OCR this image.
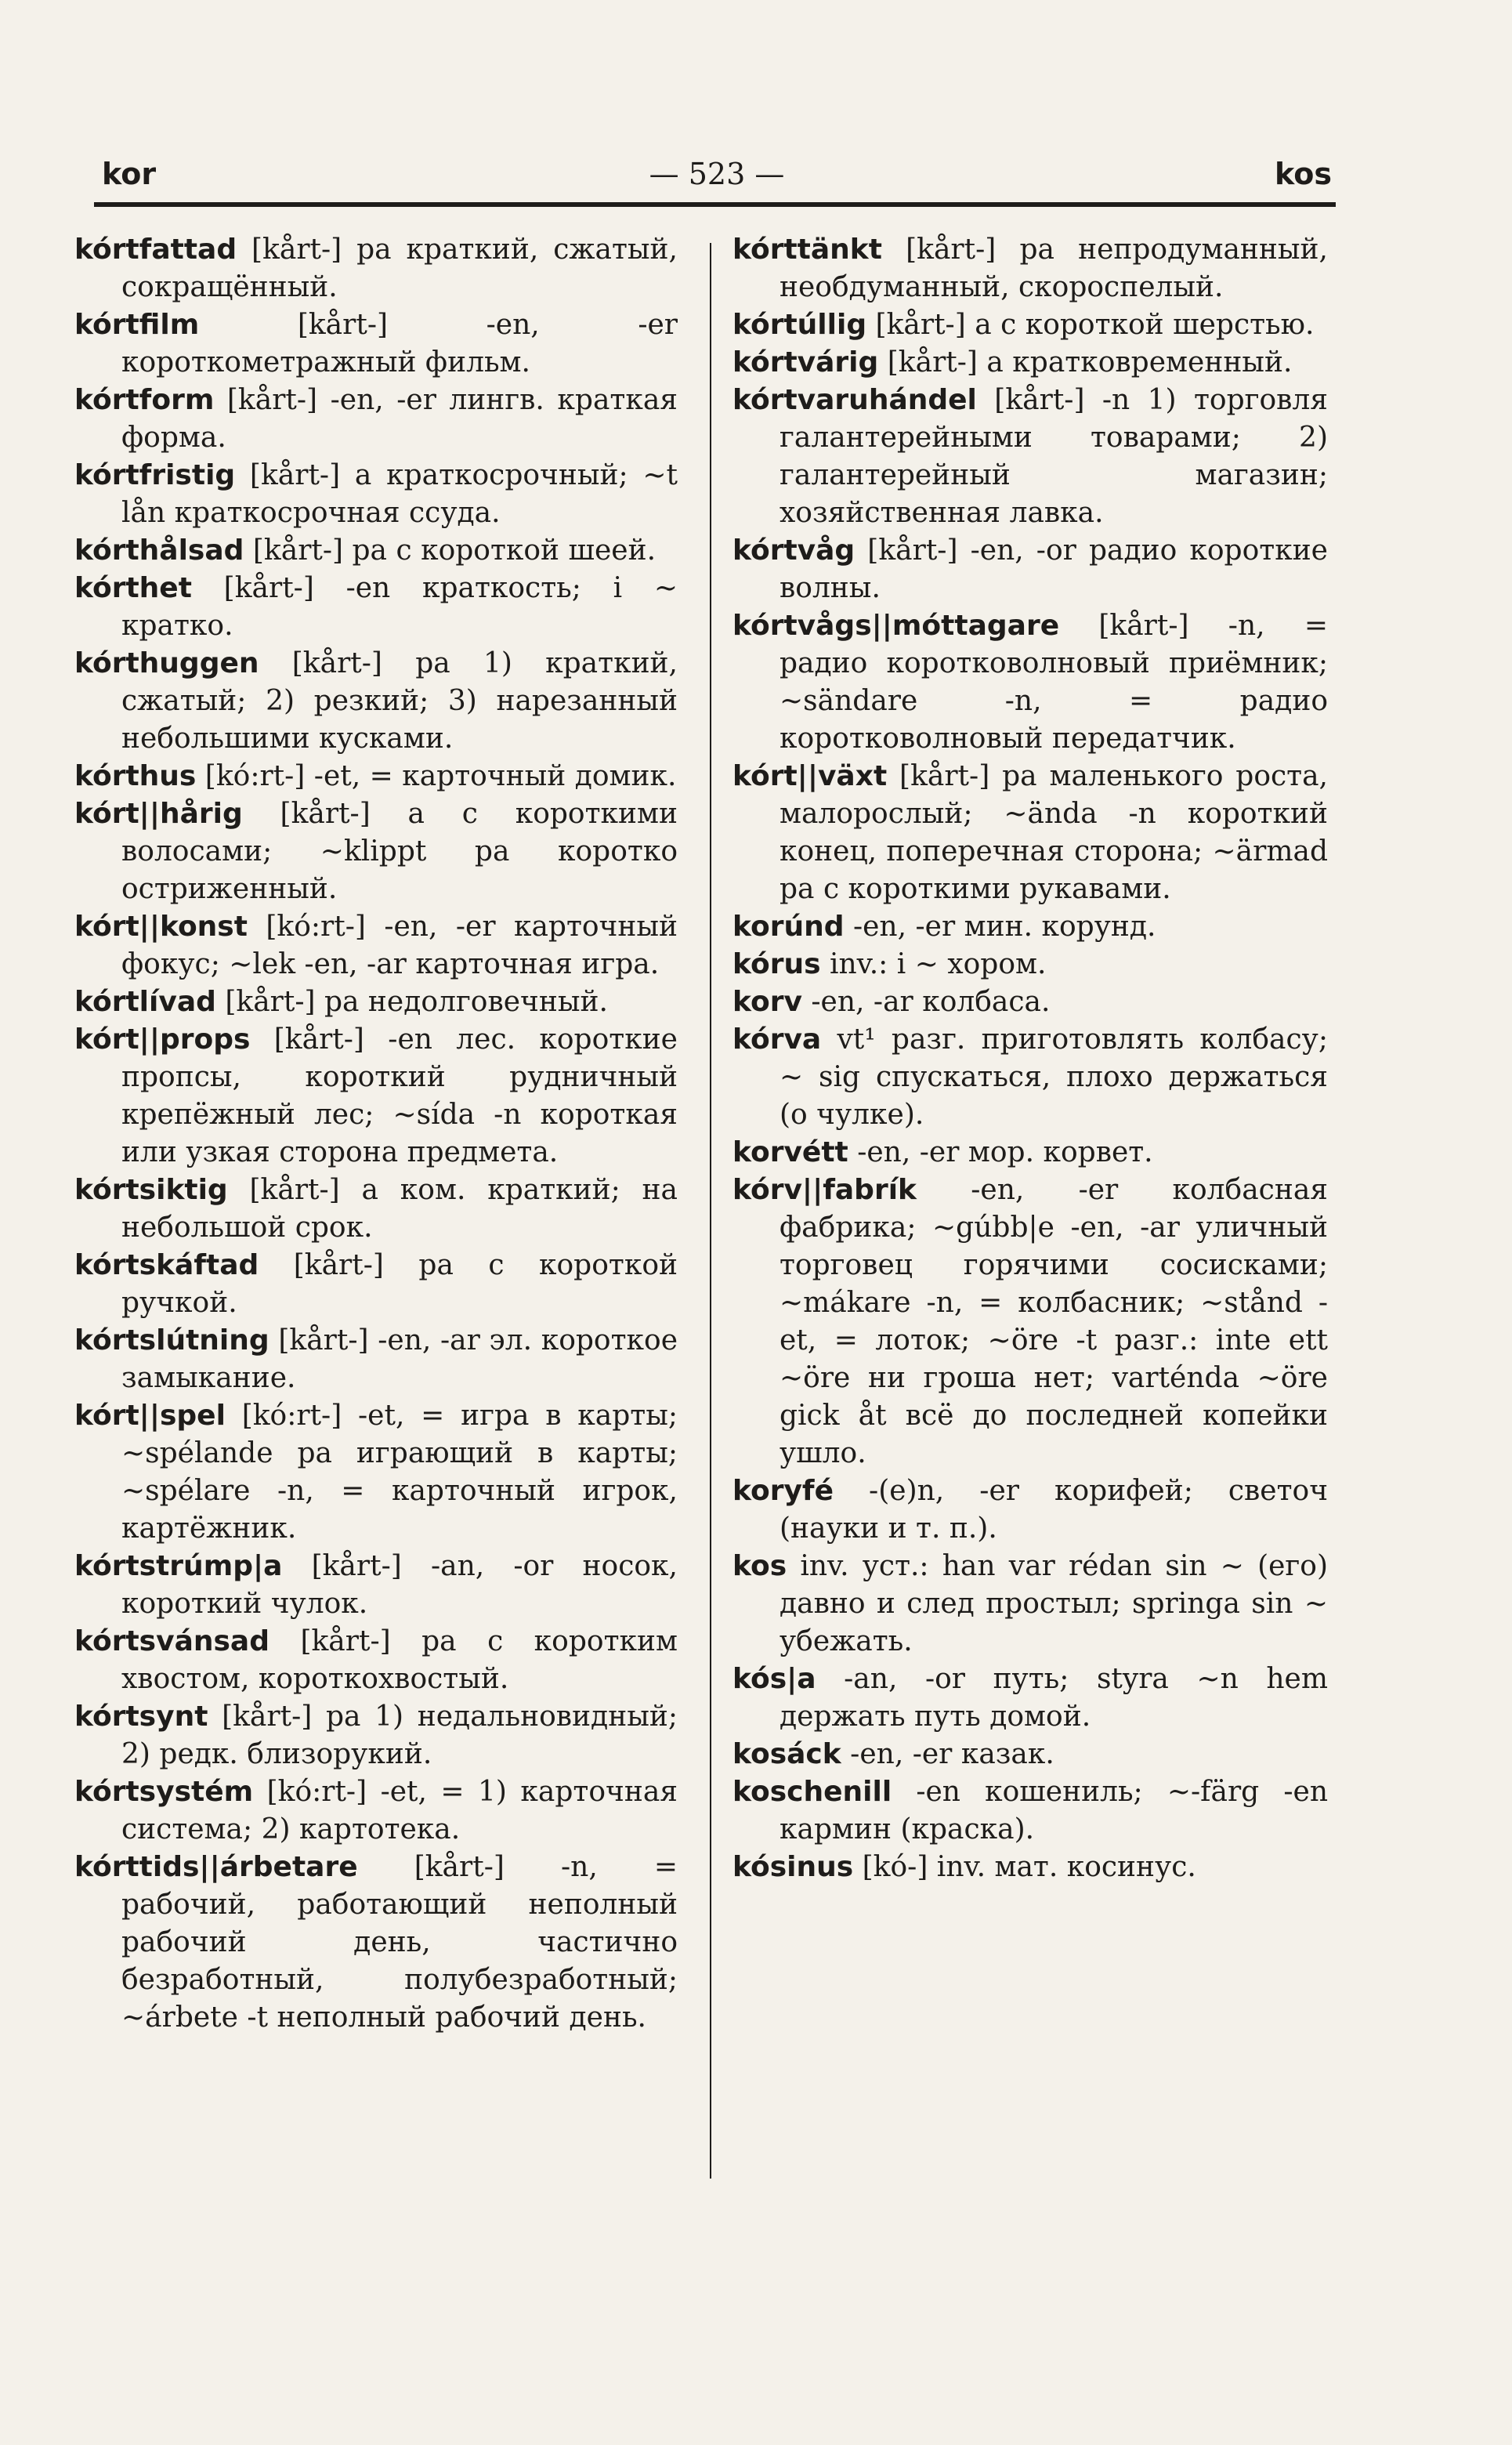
kor	— 523 —	kos

kórtfattad [kårt-] ра краткий, сжатый, сокращённый.

kórtfilm [kårt-] -en, -er короткометражный фильм.

kórtform [kårt-] -en, -er лингв. краткая форма.

kórtfristig [kårt-] a краткосрочный; ~t lån краткосрочная ссуда.

kórthålsad [kårt-] ра с короткой шеей.

kórthet [kårt-] -en краткость; i ~ кратко.

kórthuggen [kårt-] ра 1) краткий, сжатый; 2) резкий; 3) нарезанный небольшими кусками.

kórthus [kó:rt-] -et, = карточный домик.

kórt||hårig [kårt-] a с короткими волосами; ~klippt ра коротко остриженный.

kórt||konst [kó:rt-] -en, -er карточный фокус; ~lek -en, -ar карточная игра.

kórtlívad [kårt-] ра недолговечный.

kórt||props [kårt-] -en лес. короткие пропсы, короткий рудничный крепёжный лес; ~sída -n короткая или узкая сторона предмета.

kórtsiktig [kårt-] a ком. краткий; на небольшой срок.

kórtskáftad [kårt-] ра с короткой ручкой.

kórtslútning [kårt-] -en, -ar эл. короткое замыкание.

kórt||spel [kó:rt-] -et, = игра в карты; ~spélande ра играющий в карты; ~spélare -n, = карточный игрок, картёжник.

kórtstrúmp|a [kårt-] -an, -or носок, короткий чулок.

kórtsvánsad [kårt-] ра с коротким хвостом, короткохвостый.

kórtsynt [kårt-] ра 1) недальновидный; 2) редк. близорукий.

kórtsystém [kó:rt-] -et, = 1) карточная система; 2) картотека.

kórttids||árbetare [kårt-] -n, = рабочий, работающий неполный рабочий день, частично безработный, полубезработный; ~árbete -t неполный рабочий день.

kórttänkt [kårt-] ра непродуманный, необдуманный, скороспелый.

kórtúllig [kårt-] a с короткой шерстью.

kórtvárig [kårt-] a кратковременный.

kórtvaruhándel [kårt-] -n 1) торговля галантерейными товарами; 2) галантерейный магазин; хозяйственная лавка.

kórtvåg [kårt-] -en, -or радио короткие волны.

kórtvågs||móttagare [kårt-] -n, = радио коротковолновый приёмник; ~sändare -n, = радио коротковолновый передатчик.

kórt||växt [kårt-] ра маленького роста, малорослый; ~ända -n короткий конец, поперечная сторона; ~ärmad ра с короткими рукавами.

korúnd -en, -er мин. корунд.

kórus inv.: i ~ хором.

korv -en, -ar колбаса.

kórva vt¹ разг. приготовлять колбасу; ~ sig спускаться, плохо держаться (о чулке).

korvétt -en, -er мор. корвет.

kórv||fabrík -en, -er колбасная фабрика; ~gúbb|e -en, -ar уличный торговец горячими сосисками; ~mákare -n, = колбасник; ~stånd -et, = лоток; ~öre -t разг.: inte ett ~öre ни гроша нет; varténda ~öre gick åt всё до последней копейки ушло.

koryfé -(e)n, -er корифей; светоч (науки и т. п.).

kos inv. уст.: han var rédan sin ~ (его) давно и след простыл; springa sin ~ убежать.

kós|a -an, -or путь; styra ~n hem держать путь домой.

kosáck -en, -er казак.

koschenill -en кошениль; ~-färg -en кармин (краска).

kósinus [kó-] inv. мат. косинус.
